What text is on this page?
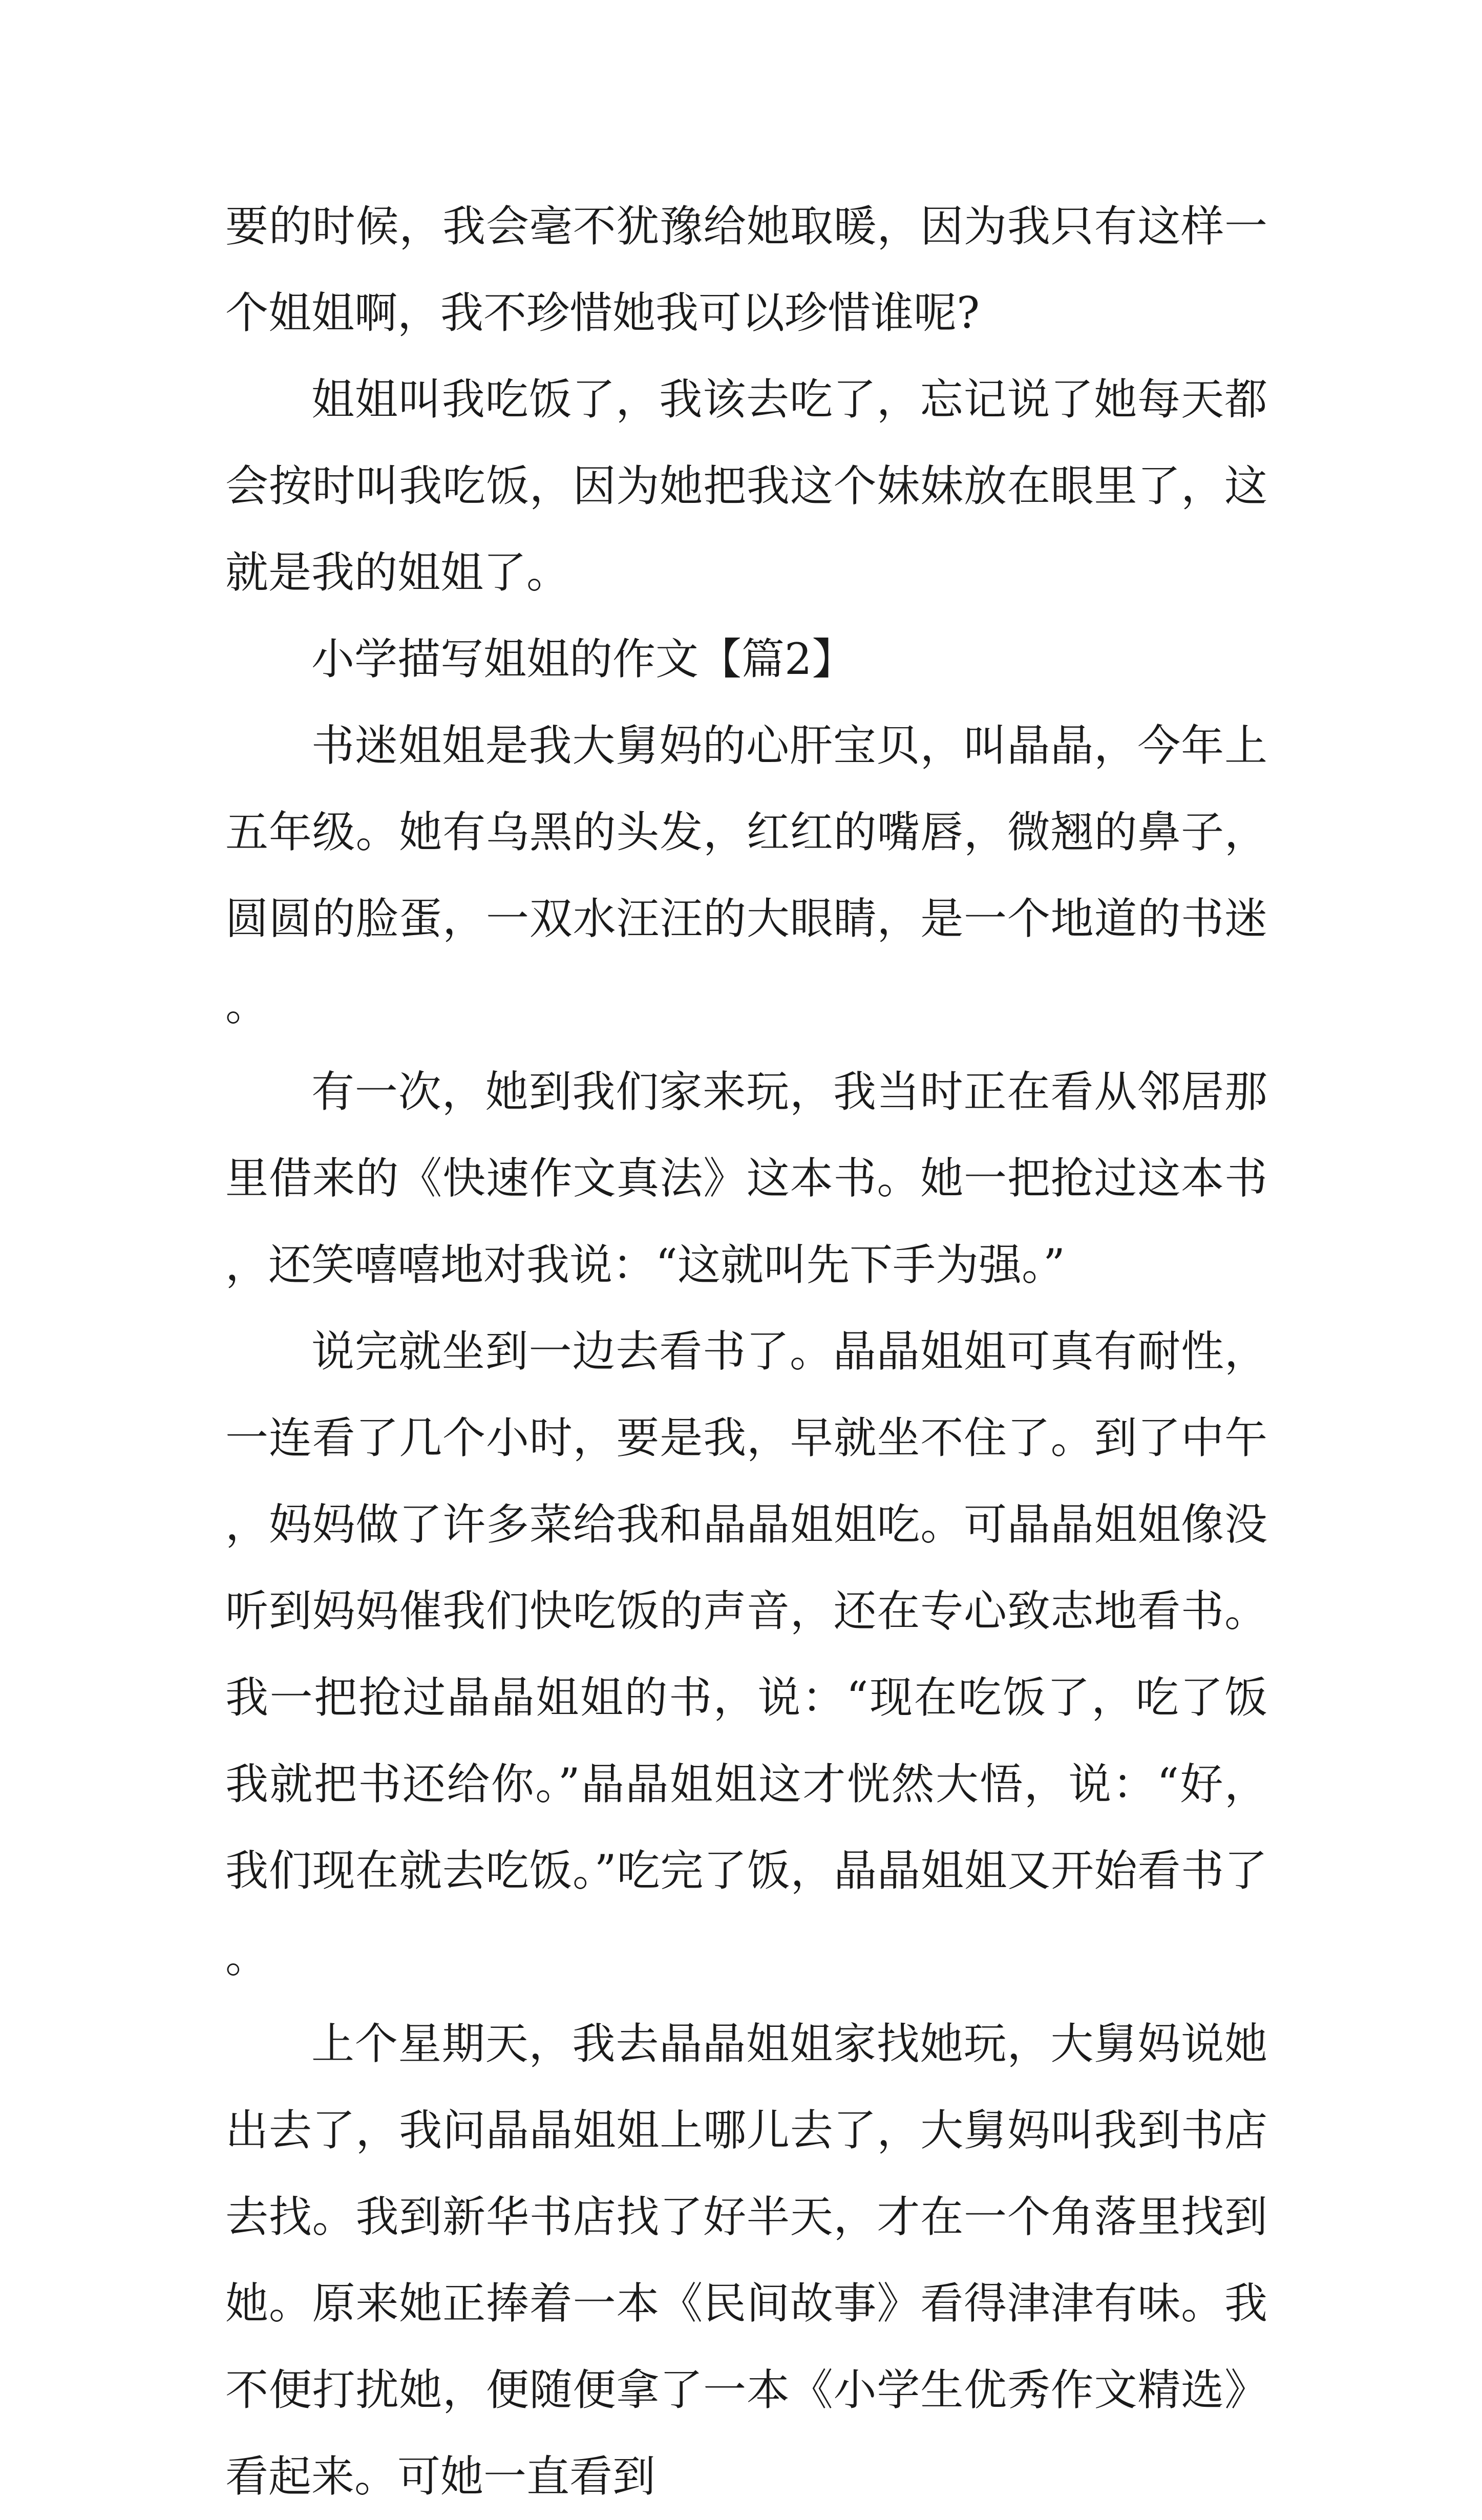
要的时候，我会毫不犹豫给她取暖，因为我只有这样一个姐姐啊，我不珍惜她我可以珍惜谁呢?

姐姐叫我吃饭了，我该去吃了，忘记说了她每天都会按时叫我吃饭，因为她把我这个妹妹放在眼里了，这就是我的姐姐了。

小学描写姐姐的作文【篇2】

书迷姐姐是我大舅妈的心肝宝贝，叫晶晶，今年上五年级。她有乌黑的头发，红红的嘴唇，微翘的鼻子，圆圆的脸蛋，一双水汪汪的大眼睛，是一个地道的书迷。

有一次，她到我们家来玩，我当时正在看从邻居那里借来的《快速作文真法》这本书。她一把抢过这本书，还笑嘻嘻地对我说：“这就叫先下手为强。”

说完就坐到一边去看书了。晶晶姐姐可真有耐性，一连看了几个小时，要是我，早就坐不住了。到了中午，妈妈做了许多菜给我和晶晶姐姐吃。可晶晶姐姐像没听到妈妈催我们快吃饭的声音，还在专心致志地看书。我一把抢过晶晶姐姐的书，说：“现在吃饭了，吃了饭我就把书还给你。”晶晶姐姐这才恍然大悟，说：“好，我们现在就去吃饭。”吃完了饭，晶晶姐姐又开始看书了。

上个星期天，我去晶晶姐姐家找她玩，大舅妈说她出去了，我问晶晶姐姐上哪儿去了，大舅妈叫我到书店去找。我到新华书店找了好半天，才在一个角落里找到她。原来她正捧着一本《民间故事》看得津津有味。我不便打扰她，便随便拿了一本《小学生优秀作文精选》看起来。可她一直看到
